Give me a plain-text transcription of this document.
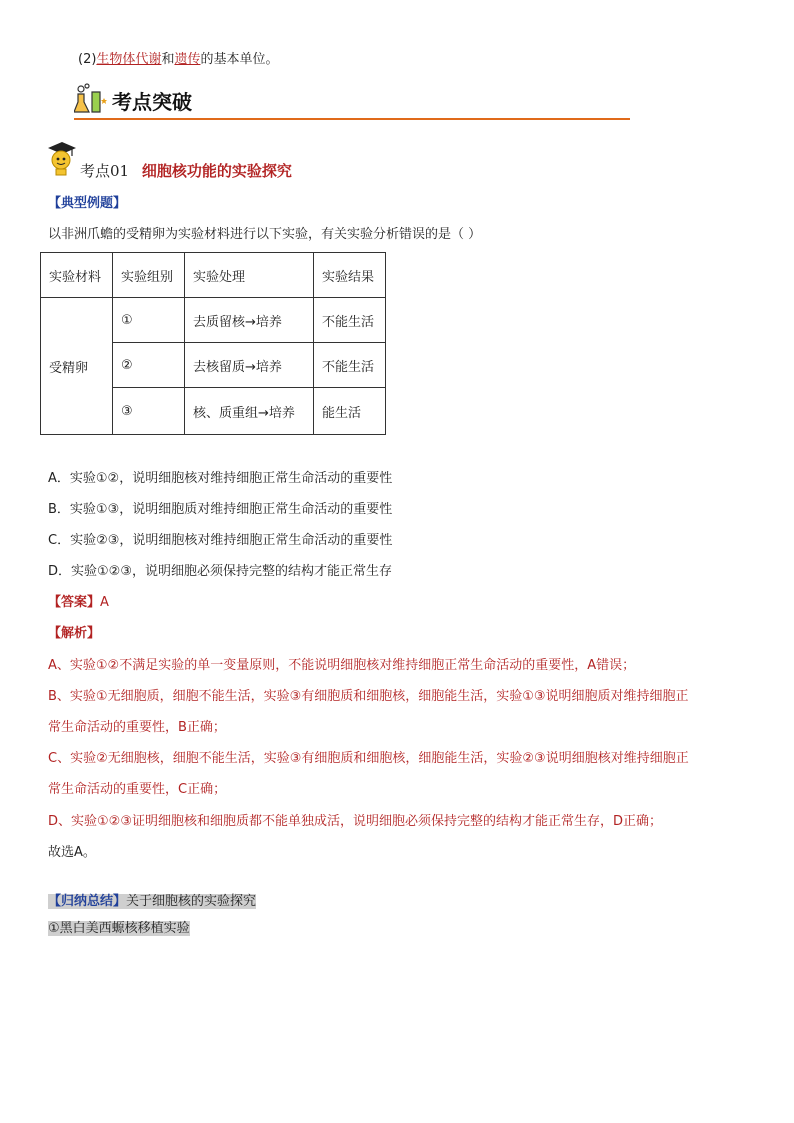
(2)生物体代谢和遗传的基本单位。
考点突破
考点01 细胞核功能的实验探究
【典型例题】
以非洲爪蟾的受精卵为实验材料进行以下实验，有关实验分析错误的是（ ）
实验材料	实验组别	实验处理	实验结果
受精卵	①	去质留核→培养	不能生活
	②	去核留质→培养	不能生活
	③	核、质重组→培养	能生活
A．实验①②，说明细胞核对维持细胞正常生命活动的重要性
B．实验①③，说明细胞质对维持细胞正常生命活动的重要性
C．实验②③，说明细胞核对维持细胞正常生命活动的重要性
D．实验①②③，说明细胞必须保持完整的结构才能正常生存
【答案】A
【解析】
A、实验①②不满足实验的单一变量原则，不能说明细胞核对维持细胞正常生命活动的重要性，A错误；
B、实验①无细胞质，细胞不能生活，实验③有细胞质和细胞核，细胞能生活，实验①③说明细胞质对维持细胞正
常生命活动的重要性，B正确；
C、实验②无细胞核，细胞不能生活，实验③有细胞质和细胞核，细胞能生活，实验②③说明细胞核对维持细胞正
常生命活动的重要性，C正确；
D、实验①②③证明细胞核和细胞质都不能单独成活，说明细胞必须保持完整的结构才能正常生存，D正确；
故选A。
【归纳总结】关于细胞核的实验探究
①黑白美西螈核移植实验
